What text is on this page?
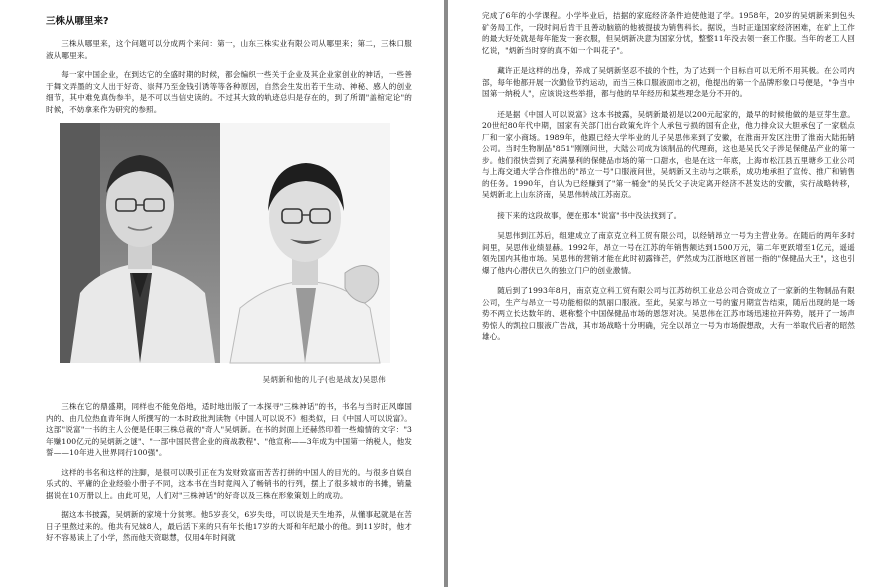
三株从哪里来?

三株从哪里来，这个问题可以分成两个来问：第一，山东三株实业有限公司从哪里来；第二，三株口服液从哪里来。

每一家中国企业，在到达它的全盛时期的时候，都会编织一些关于企业及其企业家创业的神话，一些善于舞文弄墨的文人出于好奇、崇拜乃至金钱引诱等等各种原因，自然会生发出若干生动、神秘、感人的创业细节，其中难免真伪参半，是不可以当信史读的。不过其大致的轨迹总归是存在的，到了所谓"盖棺定论"的时候，不妨拿来作为研究的参照。

吴炳新和他的儿子(也是战友)吴思伟

三株在它的鼎盛期，同样也不能免俗地，适时地出版了一本探寻"三株神话"的书，书名与当时正风靡国内的、由几位热血青年询人所撰写的一本时政批判读物《中国人可以说不》相类似，曰《中国人可以说富》。这部"说富"一书的主人公便是任职三株总裁的"奇人"吴炳新。在书的封面上还赫然印着一些煽情的文字："3年赚100亿元的吴炳新之谜"、"一部中国民营企业的商战教程"、"他宣称——3年成为中国第一纳税人，他发誓——10年进入世界同行100强"。

这样的书名和这样的注脚，是很可以吸引正在为发财致富而苦苦打拼的中国人的目光的。与很多自娱自乐式的、平庸的企业经验小册子不同，这本书在当时竟闯入了畅销书的行列，摆上了很多城市的书摊，销量据说在10万册以上。由此可见，人们对"三株神话"的好奇以及三株在形象策划上的成功。

据这本书披露，吴炳新的家境十分贫寒。他5岁丧父，6岁失母，可以说是天生地养，从懂事起就是在苦日子里熬过来的。他共有兄妹8人，最后活下来的只有年长他17岁的大哥和年纪最小的他。到11岁时，他才好不容易读上了小学，然而他天资聪慧，仅用4年时间就

完成了6年的小学课程。小学毕业后，拮据的家庭经济条件迫使他退了学。1958年，20岁的吴炳新来到包头矿务局工作，一段时间后肯干且善动脑筋的他被提拔为销售科长。据说，当时正逢国家经济困难，在矿上工作的最大好处就是每年能发一套衣服，但吴炳新决意为国家分忧，整整11年没去领一套工作服。当年的老工人回忆说，"炳新当时穿的真不如一个叫花子"。

藏许正是这样的出身，养成了吴炳新坚忍不拔的个性，为了达到一个目标自可以无所不用其极。在公司内部，每年他都开展一次勤俭节约运动，而当三株口服液面市之初，他提出的第一个品牌形象口号便是，"争当中国第一纳税人"，应该说这些举措，都与他的早年经历和某些理念是分不开的。

还是据《中国人可以说富》这本书披露，吴炳新最初是以200元起家的，最早的时候他做的是豆芽生意。20世纪80年代中期，国家有关部门出台政策允许个人承包亏损的国有企业，他力排众议大胆承包了一家糕点厂和一家小商场。1989年，他跟已经大学毕业的儿子吴思伟来到了安徽，在淮南开发区注册了淮南大陆拓销公司。当时生物制品"851"刚刚问世，大陆公司成为该制品的代理商，这也是吴氏父子涉足保健品产业的第一步。他们很快尝到了充满暴利的保健品市场的第一口甜水，也是在这一年底，上海市松江县五里塘乡工业公司与上海交通大学合作推出的"昂立一号"口服液问世，吴炳新又主动与之联系，成功地承担了宣传、推广和销售的任务。1990年，自认为已经赚到了"第一桶金"的吴氏父子决定离开经济不甚发达的安徽，实行战略转移，吴炳新北上山东济南，吴思伟转战江苏南京。

接下来的这段故事，便在那本"说富"书中没法找到了。

吴思伟到江苏后，组建成立了南京克立科工贸有限公司，以经销昂立一号为主营业务。在随后的两年多时间里，吴思伟业绩显赫。1992年，昂立一号在江苏的年销售额达到1500万元，第二年更跃增至1亿元，遥遥领先国内其他市场。吴思伟的营销才能在此时初露锋芒，俨然成为江浙地区首屈一指的"保健品大王"，这也引爆了他内心潜伏已久的独立门户的创业激情。

随后到了1993年8月，南京克立科工贸有限公司与江苏纺织工业总公司合资成立了一家新的生物制品有限公司，生产与昂立一号功能相似的凯丽口服液。至此，吴家与昂立一号的蜜月期宣告结束，随后出现的是一场势不两立长达数年的、堪称整个中国保健品市场的恩怨对决。吴思伟在江苏市场迅速拉开阵势，展开了一场声势惊人的凯拉口服液广告战，其市场战略十分明确，完全以昂立一号为市场假想敌，大有一举取代后者的昭然雄心。
